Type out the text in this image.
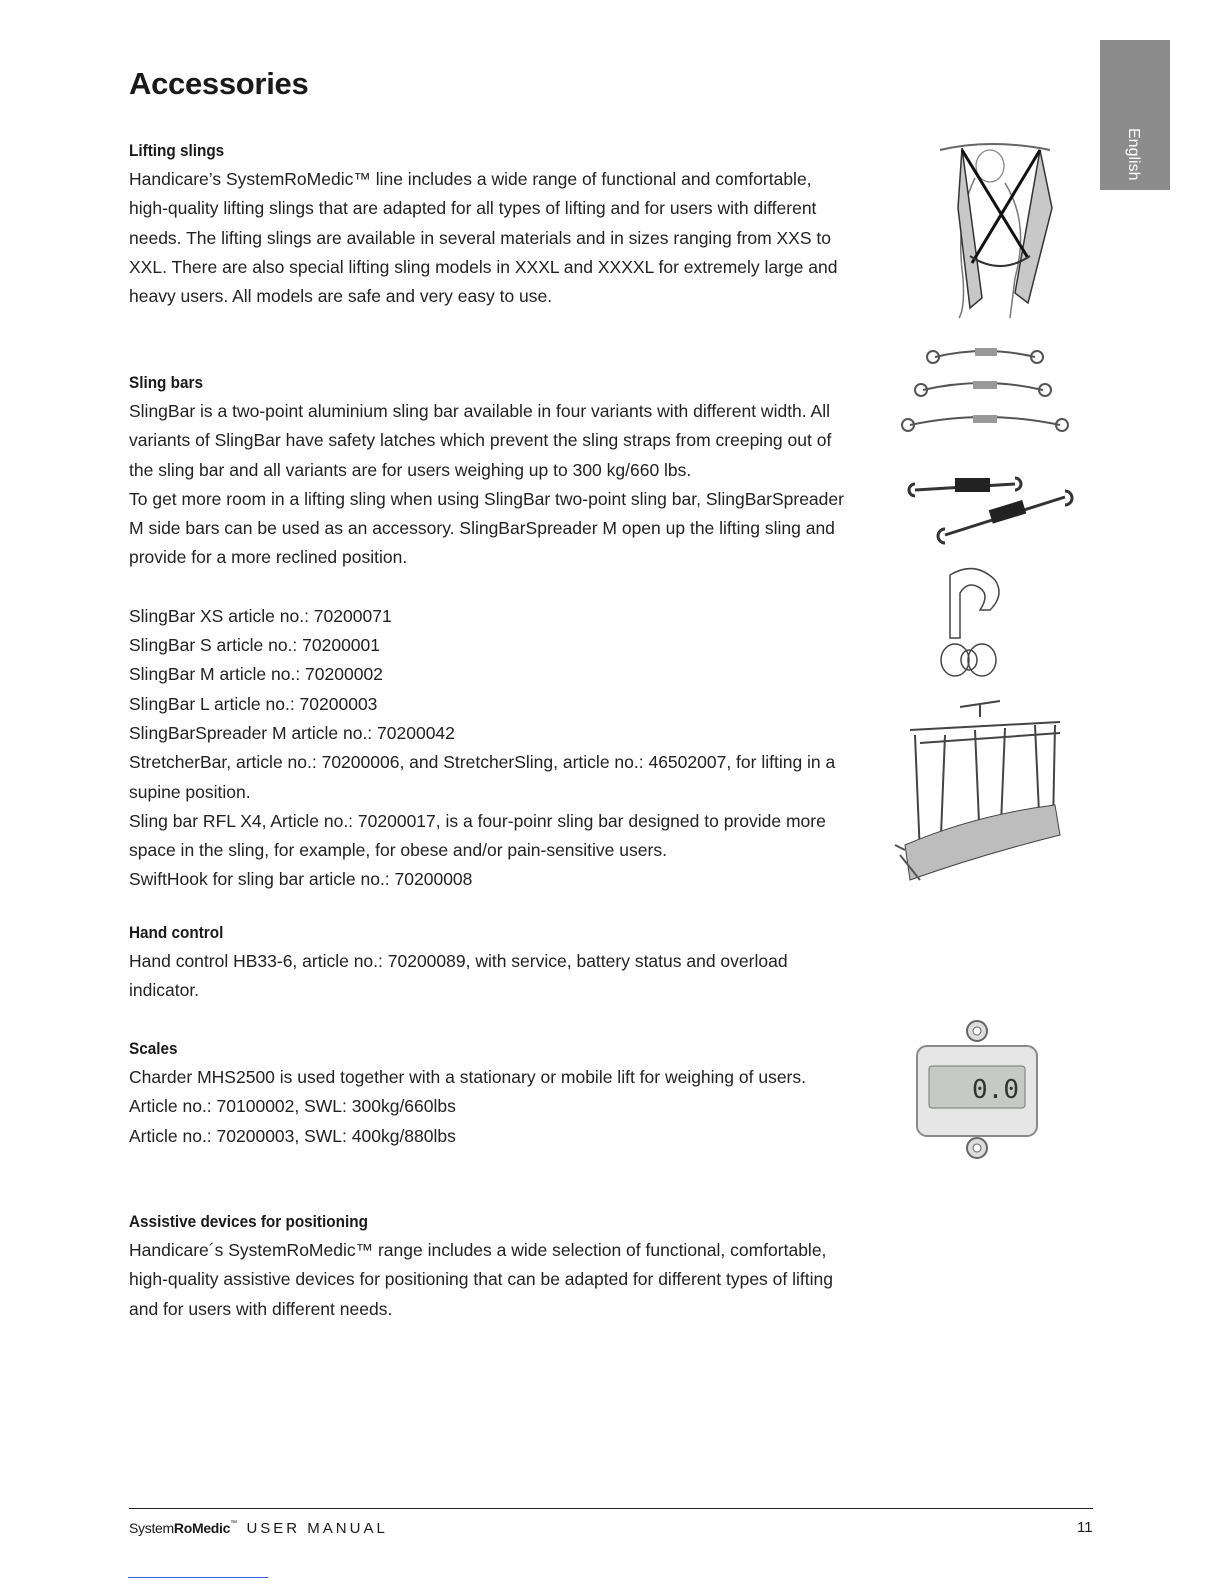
English
Accessories
Lifting slings

Handicare’s SystemRoMedic™ line includes a wide range of functional and comfortable,

high-quality lifting slings that are adapted for all types of lifting and for users with different

needs. The lifting slings are available in several materials and in sizes ranging from XXS to

XXL. There are also special lifting sling models in XXXL and XXXXL for extremely large and

heavy users. All models are safe and very easy to use.

Sling bars

SlingBar is a two-point aluminium sling bar available in four variants with different width. All

variants of SlingBar have safety latches which prevent the sling straps from creeping out of

the sling bar and all variants are for users weighing up to 300 kg/660 lbs.

To get more room in a lifting sling when using SlingBar two-point sling bar, SlingBarSpreader

M side bars can be used as an accessory. SlingBarSpreader M open up the lifting sling and

provide for a more reclined position.

SlingBar XS article no.: 70200071

SlingBar S article no.: 70200001

SlingBar M article no.: 70200002

SlingBar L article no.: 70200003

SlingBarSpreader M article no.: 70200042

StretcherBar, article no.: 70200006, and StretcherSling, article no.: 46502007, for lifting in a

supine position.

Sling bar RFL X4, Article no.: 70200017, is a four-poinr sling bar designed to provide more

space in the sling, for example, for obese and/or pain-sensitive users.

SwiftHook for sling bar article no.: 70200008

Hand control

Hand control HB33-6, article no.: 70200089, with service, battery status and overload

indicator.

Scales

Charder MHS2500 is used together with a stationary or mobile lift for weighing of users.

Article no.: 70100002, SWL: 300kg/660lbs

Article no.: 70200003, SWL: 400kg/880lbs

Assistive devices for positioning

Handicare´s SystemRoMedic™ range includes a wide selection of functional, comfortable,

high-quality assistive devices for positioning that can be adapted for different types of lifting

and for users with different needs.

0.0
SystemRoMedic™ USER MANUAL	11
